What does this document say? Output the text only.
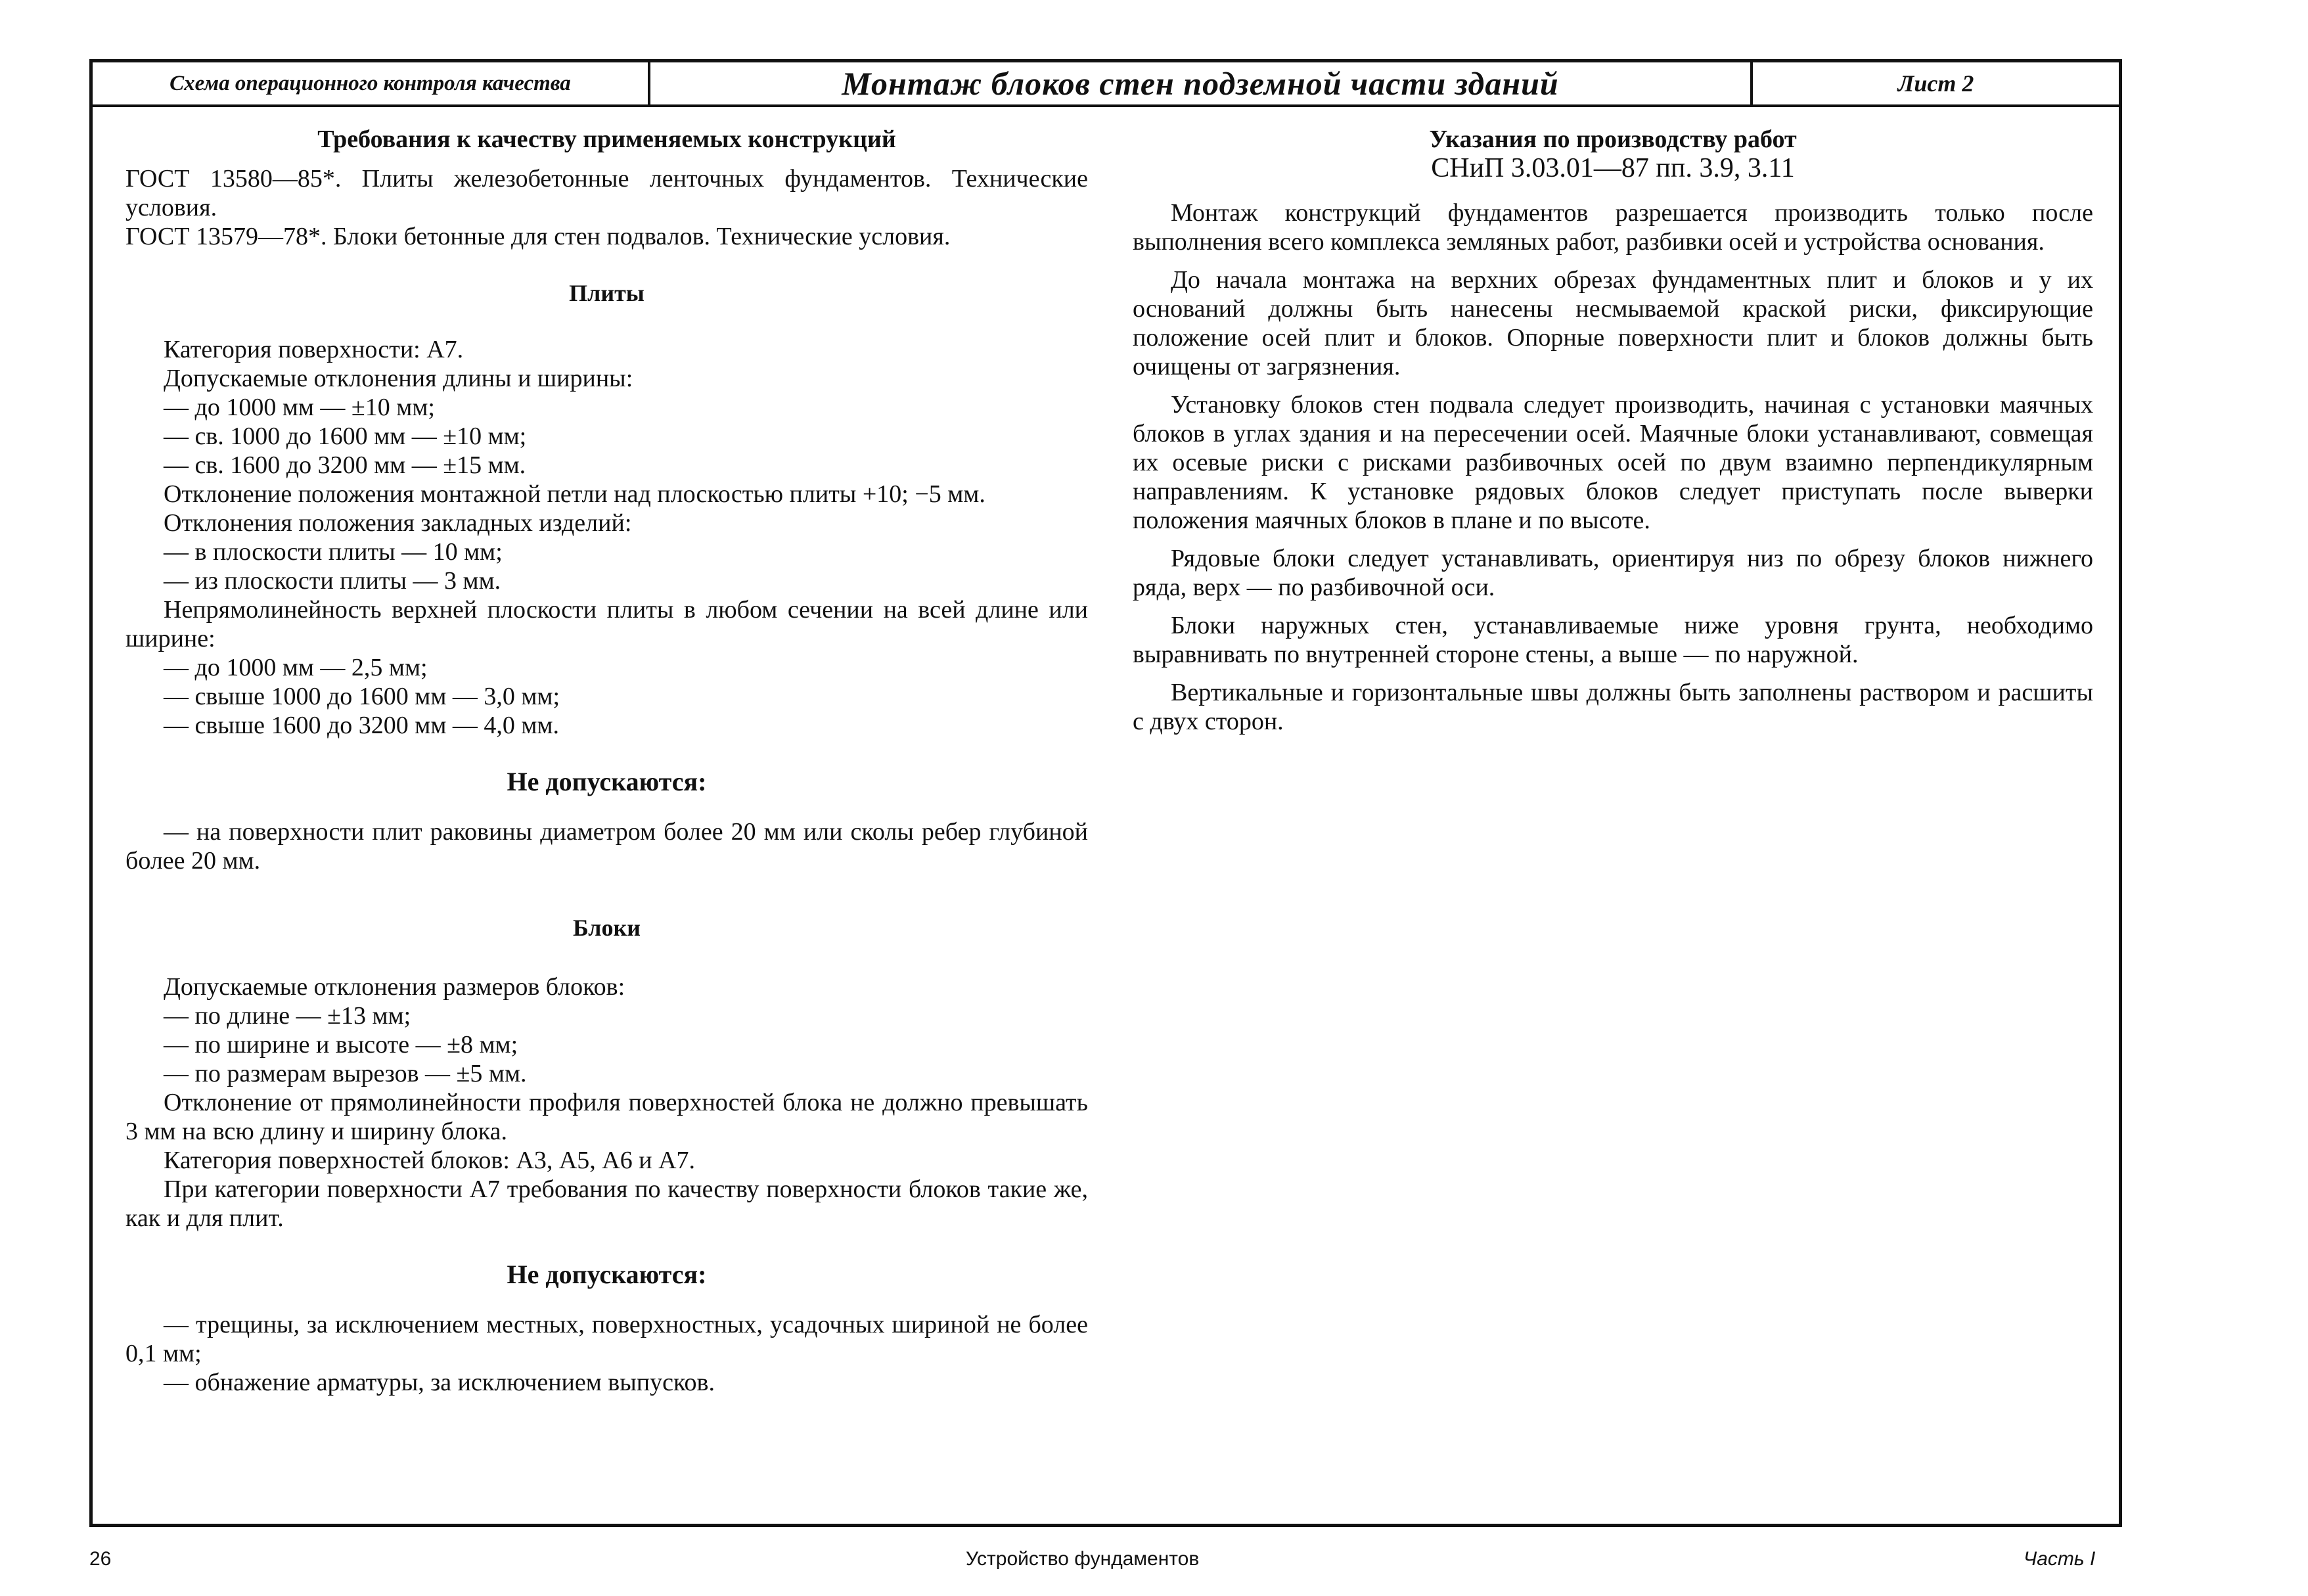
Схема операционного контроля качества	Монтаж блоков стен подземной части зданий	Лист 2
Требования к качеству применяемых конструкций

ГОСТ 13580—85*. Плиты железобетонные ленточных фундаментов. Технические условия.

ГОСТ 13579—78*. Блоки бетонные для стен подвалов. Технические условия.

Плиты

Категория поверхности: А7.

Допускаемые отклонения длины и ширины:

— до 1000 мм — ±10 мм;

— св. 1000 до 1600 мм — ±10 мм;

— св. 1600 до 3200 мм — ±15 мм.

Отклонение положения монтажной петли над плоскостью плиты +10; −5 мм.

Отклонения положения закладных изделий:

— в плоскости плиты — 10 мм;

— из плоскости плиты — 3 мм.

Непрямолинейность верхней плоскости плиты в любом сечении на всей длине или ширине:

— до 1000 мм — 2,5 мм;

— свыше 1000 до 1600 мм — 3,0 мм;

— свыше 1600 до 3200 мм — 4,0 мм.

Не допускаются:

— на поверхности плит раковины диаметром более 20 мм или сколы ребер глубиной более 20 мм.

Блоки

Допускаемые отклонения размеров блоков:

— по длине — ±13 мм;

— по ширине и высоте — ±8 мм;

— по размерам вырезов — ±5 мм.

Отклонение от прямолинейности профиля поверхностей блока не должно превышать 3 мм на всю длину и ширину блока.

Категория поверхностей блоков: А3, А5, А6 и А7.

При категории поверхности А7 требования по качеству поверхности блоков такие же, как и для плит.

Не допускаются:

— трещины, за исключением местных, поверхностных, усадочных шириной не более 0,1 мм;

— обнажение арматуры, за исключением выпусков.

Указания по производству работ
СНиП 3.03.01—87 пп. 3.9, 3.11

Монтаж конструкций фундаментов разрешается производить только после выполнения всего комплекса земляных работ, разбивки осей и устройства основания.

До начала монтажа на верхних обрезах фундаментных плит и блоков и у их оснований должны быть нанесены несмываемой краской риски, фиксирующие положение осей плит и блоков. Опорные поверхности плит и блоков должны быть очищены от загрязнения.

Установку блоков стен подвала следует производить, начиная с установки маячных блоков в углах здания и на пересечении осей. Маячные блоки устанавливают, совмещая их осевые риски с рисками разбивочных осей по двум взаимно перпендикулярным направлениям. К установке рядовых блоков следует приступать после выверки положения маячных блоков в плане и по высоте.

Рядовые блоки следует устанавливать, ориентируя низ по обрезу блоков нижнего ряда, верх — по разбивочной оси.

Блоки наружных стен, устанавливаемые ниже уровня грунта, необходимо выравнивать по внутренней стороне стены, а выше — по наружной.

Вертикальные и горизонтальные швы должны быть заполнены раствором и расшиты с двух сторон.

26	Устройство фундаментов	Часть I
